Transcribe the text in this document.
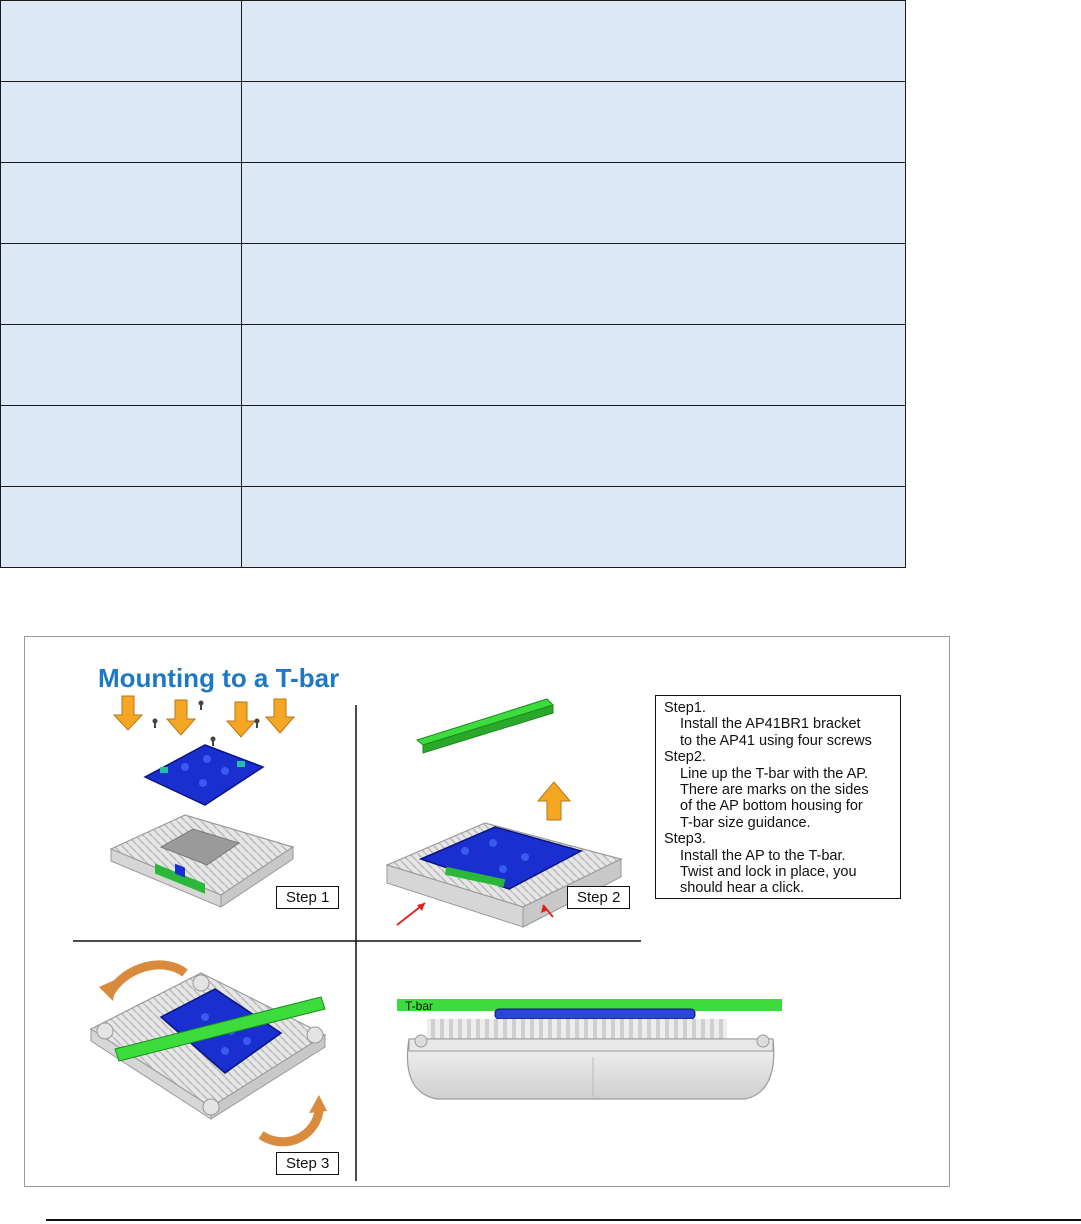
Mounting to a T-bar
Step1.
Install the AP41BR1 bracket
to the AP41 using four screws
Step2.
Line up the T-bar with the AP.
There are marks on the sides
of the AP bottom housing for
T-bar size guidance.
Step3.
Install the AP to the T-bar.
Twist and lock in place, you
should hear a click.
Step 1	Step 2
Step 3
T-bar
